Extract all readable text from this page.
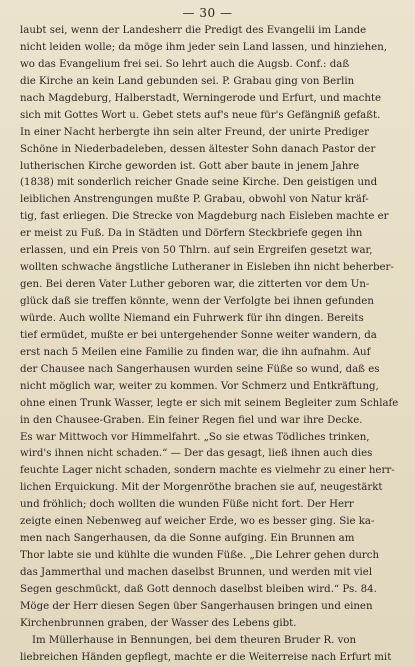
— 30 —
laubt sei, wenn der Landesherr die Predigt des Evangelii im Lande
nicht leiden wolle; da möge ihm jeder sein Land lassen, und hinziehen,
wo das Evangelium frei sei. So lehrt auch die Augsb. Conf.: daß
die Kirche an kein Land gebunden sei. P. Grabau ging von Berlin
nach Magdeburg, Halberstadt, Werningerode und Erfurt, und machte
sich mit Gottes Wort u. Gebet stets auf's neue für's Gefängniß gefaßt.
In einer Nacht herbergte ihn sein alter Freund, der unirte Prediger
Schöne in Niederbadeleben, dessen ältester Sohn danach Pastor der
lutherischen Kirche geworden ist. Gott aber baute in jenem Jahre
(1838) mit sonderlich reicher Gnade seine Kirche. Den geistigen und
leiblichen Anstrengungen mußte P. Grabau, obwohl von Natur kräf-
tig, fast erliegen. Die Strecke von Magdeburg nach Eisleben machte er
er meist zu Fuß. Da in Städten und Dörfern Steckbriefe gegen ihn
erlassen, und ein Preis von 50 Thlrn. auf sein Ergreifen gesetzt war,
wollten schwache ängstliche Lutheraner in Eisleben ihn nicht beherber-
gen. Bei deren Vater Luther geboren war, die zitterten vor dem Un-
glück daß sie treffen könnte, wenn der Verfolgte bei ihnen gefunden
würde. Auch wollte Niemand ein Fuhrwerk für ihn dingen. Bereits
tief ermüdet, mußte er bei untergehender Sonne weiter wandern, da
erst nach 5 Meilen eine Familie zu finden war, die ihn aufnahm. Auf
der Chausee nach Sangerhausen wurden seine Füße so wund, daß es
nicht möglich war, weiter zu kommen. Vor Schmerz und Entkräftung,
ohne einen Trunk Wasser, legte er sich mit seinem Begleiter zum Schlafe
in den Chausee-Graben. Ein feiner Regen fiel und war ihre Decke.
Es war Mittwoch vor Himmelfahrt. „So sie etwas Tödliches trinken,
wird's ihnen nicht schaden.“ — Der das gesagt, ließ ihnen auch dies
feuchte Lager nicht schaden, sondern machte es vielmehr zu einer herr-
lichen Erquickung. Mit der Morgenröthe brachen sie auf, neugestärkt
und fröhlich; doch wollten die wunden Füße nicht fort. Der Herr
zeigte einen Nebenweg auf weicher Erde, wo es besser ging. Sie ka-
men nach Sangerhausen, da die Sonne aufging. Ein Brunnen am
Thor labte sie und kühlte die wunden Füße. „Die Lehrer gehen durch
das Jammerthal und machen daselbst Brunnen, und werden mit viel
Segen geschmückt, daß Gott dennoch daselbst bleiben wird.“ Ps. 84.
Möge der Herr diesen Segen über Sangerhausen bringen und einen
Kirchenbrunnen graben, der Wasser des Lebens gibt.
Im Müllerhause in Bennungen, bei dem theuren Bruder R. von
liebreichen Händen gepflegt, machte er die Weiterreise nach Erfurt mit
